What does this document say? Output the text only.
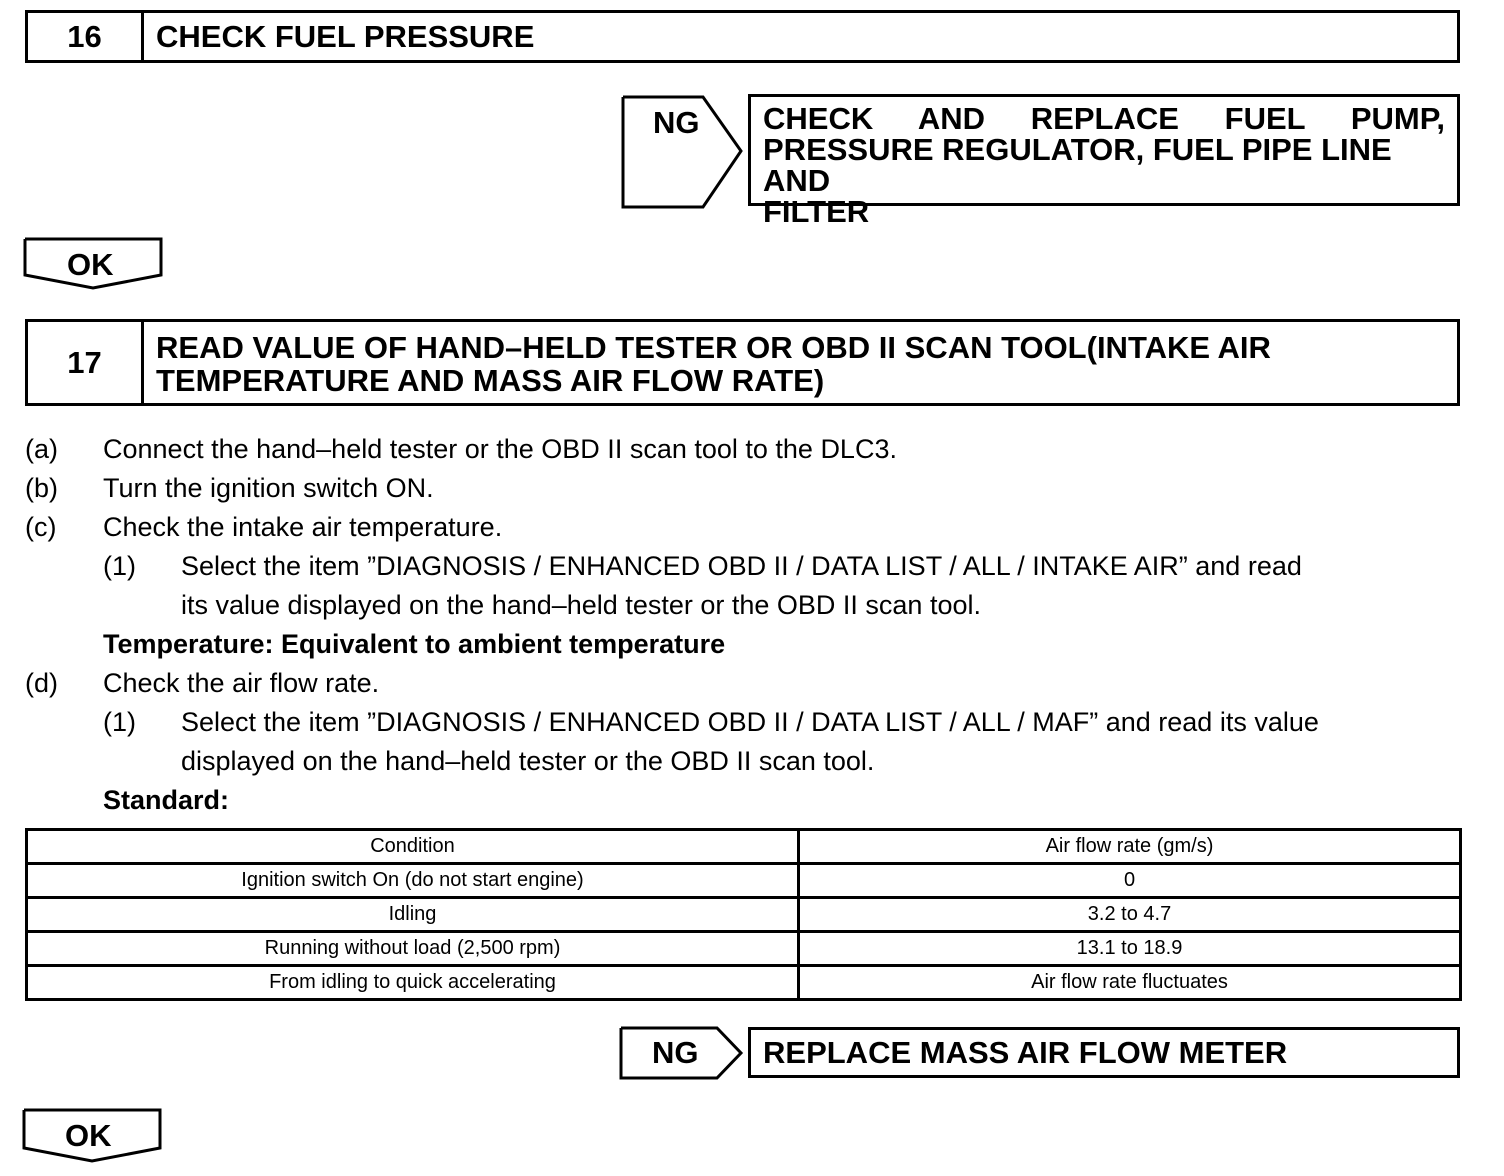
16	CHECK FUEL PRESSURE
NG CHECK AND REPLACE FUEL PUMP,
PRESSURE REGULATOR, FUEL PIPE LINE AND
FILTER
OK
17	READ VALUE OF HAND–HELD TESTER OR OBD II SCAN TOOL(INTAKE AIR
TEMPERATURE AND MASS AIR FLOW RATE)
(a) Connect the hand–held tester or the OBD II scan tool to the DLC3.
(b) Turn the ignition switch ON.
(c) Check the intake air temperature.
(1) Select the item ”DIAGNOSIS / ENHANCED OBD II / DATA LIST / ALL / INTAKE AIR” and read
its value displayed on the hand–held tester or the OBD II scan tool.
Temperature: Equivalent to ambient temperature
(d) Check the air flow rate.
(1) Select the item ”DIAGNOSIS / ENHANCED OBD II / DATA LIST / ALL / MAF” and read its value
displayed on the hand–held tester or the OBD II scan tool.
Standard:
Condition	Air flow rate (gm/s)
Ignition switch On (do not start engine)	0
Idling	3.2 to 4.7
Running without load (2,500 rpm)	13.1 to 18.9
From idling to quick accelerating	Air flow rate fluctuates
NG REPLACE MASS AIR FLOW METER
OK
